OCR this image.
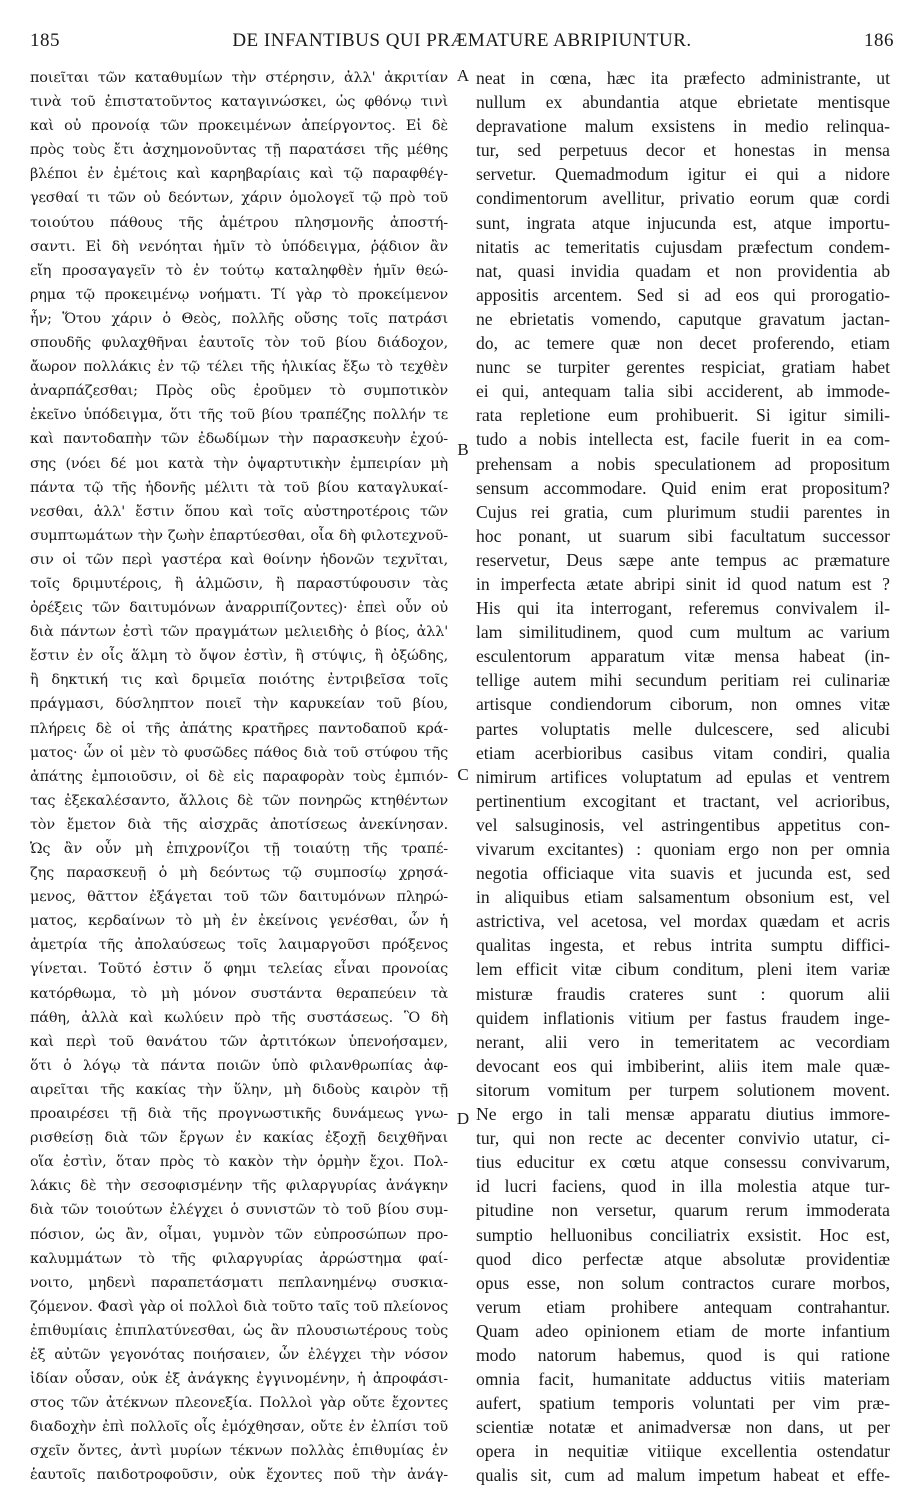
185	DE INFANTIBUS QUI PRÆMATURE ABRIPIUNTUR.	186
ποιεῖται τῶν καταθυμίων τὴν στέρησιν, ἀλλ' ἀκριτίαν
τινὰ τοῦ ἐπιστατοῦντος καταγινώσκει, ὡς φθόνῳ τινὶ
καὶ οὐ προνοίᾳ τῶν προκειμένων ἀπείργοντος. Εἰ δὲ
πρὸς τοὺς ἔτι ἀσχημονοῦντας τῇ παρατάσει τῆς μέθης
βλέποι ἐν ἐμέτοις καὶ καρηβαρίαις καὶ τῷ παραφθέγ-
γεσθαί τι τῶν οὐ δεόντων, χάριν ὁμολογεῖ τῷ πρὸ τοῦ
τοιούτου πάθους τῆς ἀμέτρου πλησμονῆς ἀποστή-
σαντι. Εἰ δὴ νενόηται ἡμῖν τὸ ὑπόδειγμα, ῥᾴδιον ἂν
εἴη προσαγαγεῖν τὸ ἐν τούτῳ καταληφθὲν ἡμῖν θεώ-
ρημα τῷ προκειμένῳ νοήματι. Τί γὰρ τὸ προκείμενον
ἦν; Ὅτου χάριν ὁ Θεὸς, πολλῆς οὔσης τοῖς πατράσι
σπουδῆς φυλαχθῆναι ἑαυτοῖς τὸν τοῦ βίου διάδοχον,
ἄωρον πολλάκις ἐν τῷ τέλει τῆς ἡλικίας ἔξω τὸ τεχθὲν
ἀναρπάζεσθαι; Πρὸς οὓς ἐροῦμεν τὸ συμποτικὸν
ἐκεῖνο ὑπόδειγμα, ὅτι τῆς τοῦ βίου τραπέζης πολλήν τε
καὶ παντοδαπὴν τῶν ἐδωδίμων τὴν παρασκευὴν ἐχού-
σης (νόει δέ μοι κατὰ τὴν ὀψαρτυτικὴν ἐμπειρίαν μὴ
πάντα τῷ τῆς ἡδονῆς μέλιτι τὰ τοῦ βίου καταγλυκαί-
νεσθαι, ἀλλ' ἔστιν ὅπου καὶ τοῖς αὐστηροτέροις τῶν
συμπτωμάτων τὴν ζωὴν ἐπαρτύεσθαι, οἷα δὴ φιλοτεχνοῦ-
σιν οἱ τῶν περὶ γαστέρα καὶ θοίνην ἡδονῶν τεχνῖται,
τοῖς δριμυτέροις, ἢ ἁλμῶσιν, ἢ παραστύφουσιν τὰς
ὀρέξεις τῶν δαιτυμόνων ἀναρριπίζοντες)· ἐπεὶ οὖν οὐ
διὰ πάντων ἐστὶ τῶν πραγμάτων μελιειδὴς ὁ βίος, ἀλλ'
ἔστιν ἐν οἷς ἅλμη τὸ ὄψον ἐστὶν, ἢ στύψις, ἢ ὀξώδης,
ἢ δηκτική τις καὶ δριμεῖα ποιότης ἐντριβεῖσα τοῖς
πράγμασι, δύσληπτον ποιεῖ τὴν καρυκείαν τοῦ βίου,
πλήρεις δὲ οἱ τῆς ἀπάτης κρατῆρες παντοδαποῦ κρά-
ματος· ὧν οἱ μὲν τὸ φυσῶδες πάθος διὰ τοῦ στύφου τῆς
ἀπάτης ἐμποιοῦσιν, οἱ δὲ εἰς παραφορὰν τοὺς ἐμπιόν-
τας ἐξεκαλέσαντο, ἄλλοις δὲ τῶν πονηρῶς κτηθέντων
τὸν ἔμετον διὰ τῆς αἰσχρᾶς ἀποτίσεως ἀνεκίνησαν.
Ὡς ἂν οὖν μὴ ἐπιχρονίζοι τῇ τοιαύτῃ τῆς τραπέ-
ζης παρασκευῇ ὁ μὴ δεόντως τῷ συμποσίῳ χρησά-
μενος, θᾶττον ἐξάγεται τοῦ τῶν δαιτυμόνων πληρώ-
ματος, κερδαίνων τὸ μὴ ἐν ἐκείνοις γενέσθαι, ὧν ἡ
ἀμετρία τῆς ἀπολαύσεως τοῖς λαιμαργοῦσι πρόξενος
γίνεται. Τοῦτό ἐστιν ὅ φημι τελείας εἶναι προνοίας
κατόρθωμα, τὸ μὴ μόνον συστάντα θεραπεύειν τὰ
πάθη, ἀλλὰ καὶ κωλύειν πρὸ τῆς συστάσεως. Ὃ δὴ
καὶ περὶ τοῦ θανάτου τῶν ἀρτιτόκων ὑπενοήσαμεν,
ὅτι ὁ λόγῳ τὰ πάντα ποιῶν ὑπὸ φιλανθρωπίας ἀφ-
αιρεῖται τῆς κακίας τὴν ὕλην, μὴ διδοὺς καιρὸν τῇ
προαιρέσει τῇ διὰ τῆς προγνωστικῆς δυνάμεως γνω-
ρισθείσῃ διὰ τῶν ἔργων ἐν κακίας ἐξοχῇ δειχθῆναι
οἵα ἐστὶν, ὅταν πρὸς τὸ κακὸν τὴν ὁρμὴν ἔχοι. Πολ-
λάκις δὲ τὴν σεσοφισμένην τῆς φιλαργυρίας ἀνάγκην
διὰ τῶν τοιούτων ἐλέγχει ὁ συνιστῶν τὸ τοῦ βίου συμ-
πόσιον, ὡς ἂν, οἶμαι, γυμνὸν τῶν εὐπροσώπων προ-
καλυμμάτων τὸ τῆς φιλαργυρίας ἀρρώστημα φαί-
νοιτο, μηδενὶ παραπετάσματι πεπλανημένῳ συσκια-
ζόμενον. Φασὶ γὰρ οἱ πολλοὶ διὰ τοῦτο ταῖς τοῦ πλείονος
ἐπιθυμίαις ἐπιπλατύνεσθαι, ὡς ἂν πλουσιωτέρους τοὺς
ἐξ αὐτῶν γεγονότας ποιήσαιεν, ὧν ἐλέγχει τὴν νόσον
ἰδίαν οὖσαν, οὐκ ἐξ ἀνάγκης ἐγγινομένην, ἡ ἀπροφάσι-
στος τῶν ἀτέκνων πλεονεξία. Πολλοὶ γὰρ οὔτε ἔχοντες
διαδοχὴν ἐπὶ πολλοῖς οἷς ἐμόχθησαν, οὔτε ἐν ἐλπίσι τοῦ
σχεῖν ὄντες, ἀντὶ μυρίων τέκνων πολλὰς ἐπιθυμίας ἐν
ἑαυτοῖς παιδοτροφοῦσιν, οὐκ ἔχοντες ποῦ τὴν ἀνάγ-
A
B
C
D
neat in cœna, hæc ita præfecto administrante, ut
nullum ex abundantia atque ebrietate mentisque
depravatione malum exsistens in medio relinqua-
tur, sed perpetuus decor et honestas in mensa
servetur. Quemadmodum igitur ei qui a nidore
condimentorum avellitur, privatio eorum quæ cordi
sunt, ingrata atque injucunda est, atque importu-
nitatis ac temeritatis cujusdam præfectum condem-
nat, quasi invidia quadam et non providentia ab
appositis arcentem. Sed si ad eos qui prorogatio-
ne ebrietatis vomendo, caputque gravatum jactan-
do, ac temere quæ non decet proferendo, etiam
nunc se turpiter gerentes respiciat, gratiam habet
ei qui, antequam talia sibi acciderent, ab immode-
rata repletione eum prohibuerit. Si igitur simili-
tudo a nobis intellecta est, facile fuerit in ea com-
prehensam a nobis speculationem ad propositum
sensum accommodare. Quid enim erat propositum?
Cujus rei gratia, cum plurimum studii parentes in
hoc ponant, ut suarum sibi facultatum successor
reservetur, Deus sæpe ante tempus ac præmature
in imperfecta ætate abripi sinit id quod natum est ?
His qui ita interrogant, referemus convivalem il-
lam similitudinem, quod cum multum ac varium
esculentorum apparatum vitæ mensa habeat (in-
tellige autem mihi secundum peritiam rei culinariæ
artisque condiendorum ciborum, non omnes vitæ
partes voluptatis melle dulcescere, sed alicubi
etiam acerbioribus casibus vitam condiri, qualia
nimirum artifices voluptatum ad epulas et ventrem
pertinentium excogitant et tractant, vel acrioribus,
vel salsuginosis, vel astringentibus appetitus con-
vivarum excitantes) : quoniam ergo non per omnia
negotia officiaque vita suavis et jucunda est, sed
in aliquibus etiam salsamentum obsonium est, vel
astrictiva, vel acetosa, vel mordax quædam et acris
qualitas ingesta, et rebus intrita sumptu diffici-
lem efficit vitæ cibum conditum, pleni item variæ
misturæ fraudis crateres sunt : quorum alii
quidem inflationis vitium per fastus fraudem inge-
nerant, alii vero in temeritatem ac vecordiam
devocant eos qui imbiberint, aliis item male quæ-
sitorum vomitum per turpem solutionem movent.
Ne ergo in tali mensæ apparatu diutius immore-
tur, qui non recte ac decenter convivio utatur, ci-
tius educitur ex cœtu atque consessu convivarum,
id lucri faciens, quod in illa molestia atque tur-
pitudine non versetur, quarum rerum immoderata
sumptio helluonibus conciliatrix exsistit. Hoc est,
quod dico perfectæ atque absolutæ providentiæ
opus esse, non solum contractos curare morbos,
verum etiam prohibere antequam contrahantur.
Quam adeo opinionem etiam de morte infantium
modo natorum habemus, quod is qui ratione
omnia facit, humanitate adductus vitiis materiam
aufert, spatium temporis voluntati per vim præ-
scientiæ notatæ et animadversæ non dans, ut per
opera in nequitiæ vitiique excellentia ostendatur
qualis sit, cum ad malum impetum habeat et effe-
